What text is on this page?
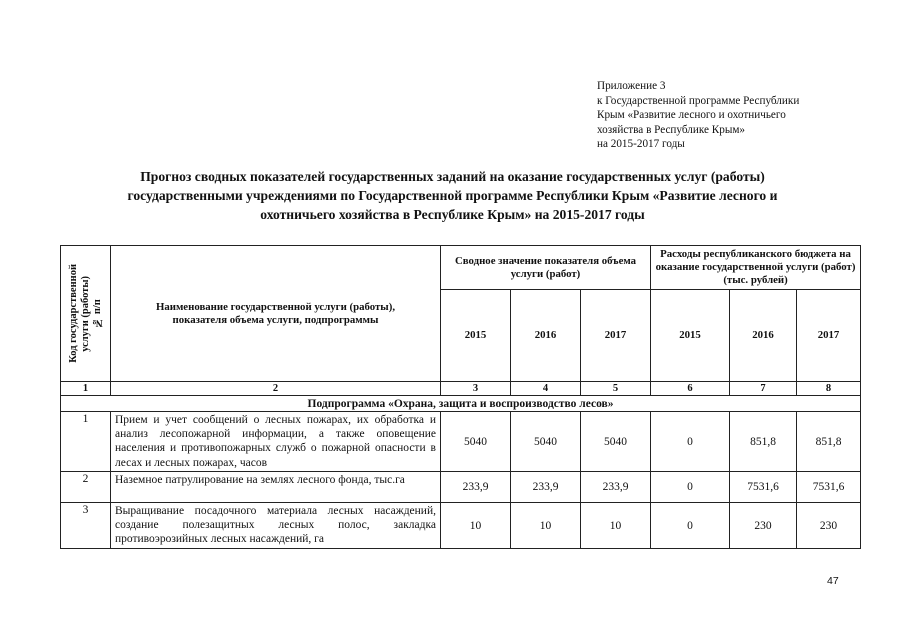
Приложение 3
к Государственной программе Республики
Крым «Развитие лесного и охотничьего
хозяйства в Республике Крым»
на 2015-2017 годы
Прогноз сводных показателей государственных заданий на оказание государственных услуг (работы)
государственными учреждениями по Государственной программе Республики Крым «Развитие лесного и
охотничьего хозяйства в Республике Крым» на 2015-2017 годы
Код государственной услуги (работы) № п/п	Наименование государственной услуги (работы), показателя объема услуги, подпрограммы	Сводное значение показателя объема услуги (работ)			Расходы республиканского бюджета на оказание государственной услуги (работ) (тыс. рублей)		
		2015	2016	2017	2015	2016	2017
1	2	3	4	5	6	7	8
Подпрограмма «Охрана, защита и воспроизводство лесов»							
1	Прием и учет сообщений о лесных пожарах, их обработка и анализ лесопожарной информации, а также оповещение населения и противопожарных служб о пожарной опасности в лесах и лесных пожарах, часов	5040	5040	5040	0	851,8	851,8
2	Наземное патрулирование на землях лесного фонда, тыс.га	233,9	233,9	233,9	0	7531,6	7531,6
3	Выращивание посадочного материала лесных насаждений, создание полезащитных лесных полос, закладка противоэрозийных лесных насаждений, га	10	10	10	0	230	230
47
